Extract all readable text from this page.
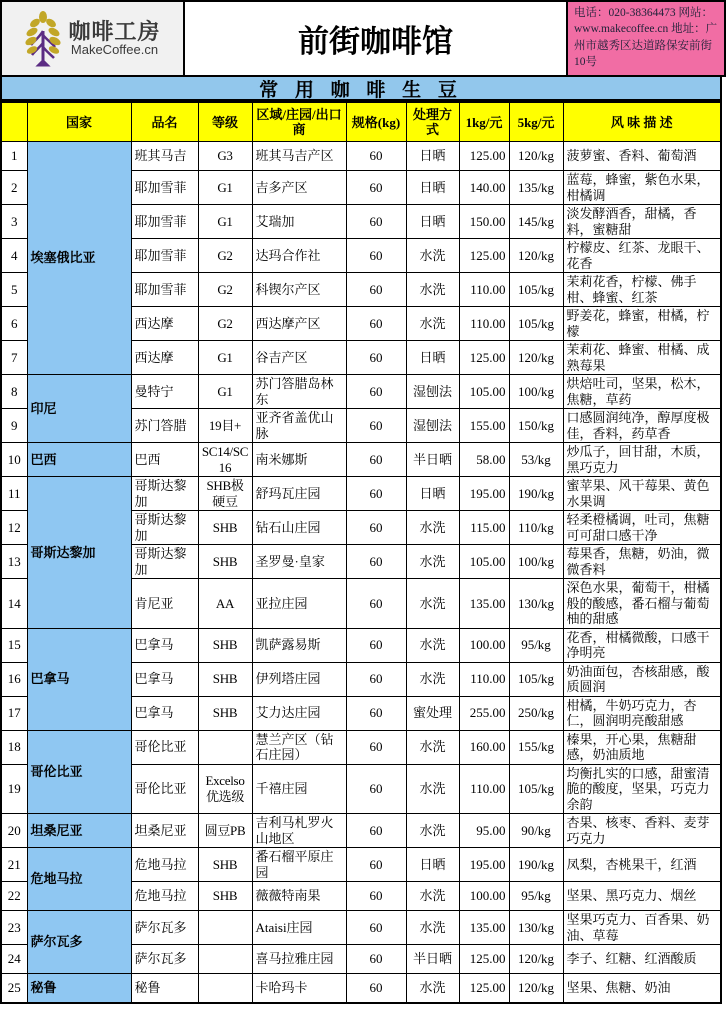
咖啡工房
MakeCoffee.cn	前街咖啡馆
电话：020-38364473 网站：www.makecoffee.cn 地址：广州市越秀区达道路保安前街10号
常 用 咖 啡 生 豆
	国家	品名	等级	区域/庄园/出口商	规格(kg)	处理方式	1kg/元	5kg/元	风 味 描 述
1	埃塞俄比亚	班其马吉	G3	班其马吉产区	60	日晒	125.00	120/kg	菠萝蜜、香料、葡萄酒
2		耶加雪菲	G1	吉多产区	60	日晒	140.00	135/kg	蓝莓，蜂蜜，紫色水果，柑橘调
3		耶加雪菲	G1	艾瑞加	60	日晒	150.00	145/kg	淡发酵酒香，甜橘，香料，蜜糖甜
4		耶加雪菲	G2	达玛合作社	60	水洗	125.00	120/kg	柠檬皮、红茶、龙眼干、花香
5		耶加雪菲	G2	科锲尔产区	60	水洗	110.00	105/kg	茉莉花香，柠檬、佛手柑、蜂蜜、红茶
6		西达摩	G2	西达摩产区	60	水洗	110.00	105/kg	野姜花，蜂蜜，柑橘，柠檬
7		西达摩	G1	谷吉产区	60	日晒	125.00	120/kg	茉莉花、蜂蜜、柑橘、成熟莓果
8	印尼	曼特宁	G1	苏门答腊岛林东	60	湿刨法	105.00	100/kg	烘焙吐司，坚果，松木，焦糖，草药
9		苏门答腊	19目+	亚齐省盖优山脉	60	湿刨法	155.00	150/kg	口感圆润纯净，醇厚度极佳，香料，药草香
10	巴西	巴西	SC14/SC16	南米娜斯	60	半日晒	58.00	53/kg	炒瓜子，回甘甜，木质，黑巧克力
11	哥斯达黎加	哥斯达黎加	SHB极硬豆	舒玛瓦庄园	60	日晒	195.00	190/kg	蜜苹果、风干莓果、黄色水果调
12		哥斯达黎加	SHB	钻石山庄园	60	水洗	115.00	110/kg	轻柔橙橘调，吐司，焦糖可可甜口感干净
13		哥斯达黎加	SHB	圣罗曼·皇家	60	水洗	105.00	100/kg	莓果香，焦糖，奶油，微微香料
14		肯尼亚	AA	亚拉庄园	60	水洗	135.00	130/kg	深色水果，葡萄干，柑橘般的酸感，番石榴与葡萄柚的甜感
15	巴拿马	巴拿马	SHB	凯萨露易斯	60	水洗	100.00	95/kg	花香，柑橘微酸，口感干净明亮
16		巴拿马	SHB	伊列塔庄园	60	水洗	110.00	105/kg	奶油面包，杏核甜感，酸质圆润
17		巴拿马	SHB	艾力达庄园	60	蜜处理	255.00	250/kg	柑橘，牛奶巧克力，杏仁，圆润明亮酸甜感
18	哥伦比亚	哥伦比亚		慧兰产区（钻石庄园）	60	水洗	160.00	155/kg	榛果，开心果，焦糖甜感，奶油质地
19		哥伦比亚	Excelso 优选级	千禧庄园	60	水洗	110.00	105/kg	均衡扎实的口感，甜蜜清脆的酸度，坚果，巧克力余韵
20	坦桑尼亚	坦桑尼亚	圆豆PB	吉利马札罗火山地区	60	水洗	95.00	90/kg	杏果、核枣、香料、麦芽巧克力
21	危地马拉	危地马拉	SHB	番石榴平原庄园	60	日晒	195.00	190/kg	凤梨，杏桃果干，红酒
22		危地马拉	SHB	薇薇特南果	60	水洗	100.00	95/kg	坚果、黑巧克力、烟丝
23	萨尔瓦多	萨尔瓦多		Ataisi庄园	60	水洗	135.00	130/kg	坚果巧克力、百香果、奶油、草莓
24		萨尔瓦多		喜马拉雅庄园	60	半日晒	125.00	120/kg	李子、红糖、红酒酸质
25	秘鲁	秘鲁		卡哈玛卡	60	水洗	125.00	120/kg	坚果、焦糖、奶油
